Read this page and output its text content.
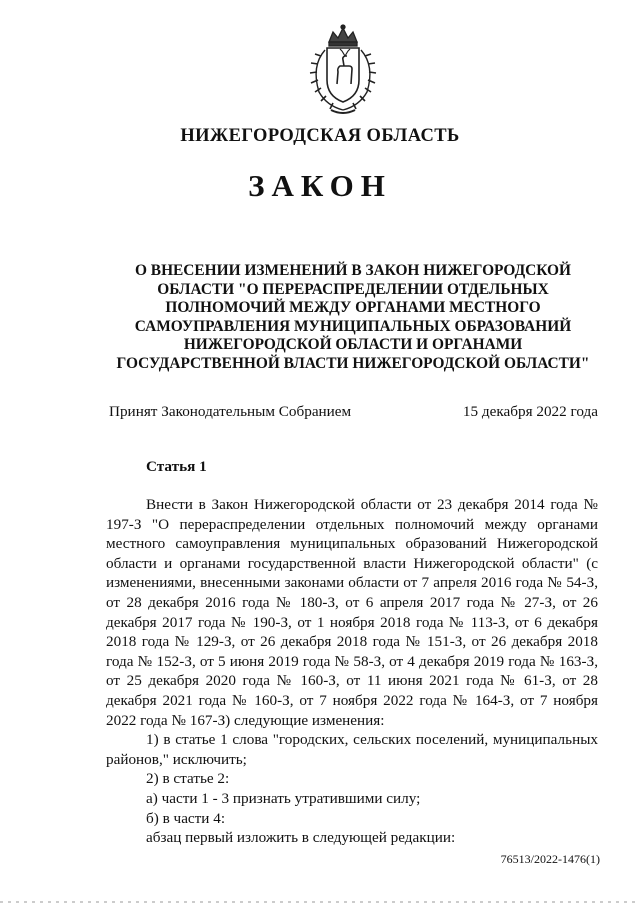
НИЖЕГОРОДСКАЯ ОБЛАСТЬ
ЗАКОН
О ВНЕСЕНИИ ИЗМЕНЕНИЙ В ЗАКОН НИЖЕГОРОДСКОЙ
ОБЛАСТИ "О ПЕРЕРАСПРЕДЕЛЕНИИ ОТДЕЛЬНЫХ
ПОЛНОМОЧИЙ МЕЖДУ ОРГАНАМИ МЕСТНОГО
САМОУПРАВЛЕНИЯ МУНИЦИПАЛЬНЫХ ОБРАЗОВАНИЙ
НИЖЕГОРОДСКОЙ ОБЛАСТИ И ОРГАНАМИ
ГОСУДАРСТВЕННОЙ ВЛАСТИ НИЖЕГОРОДСКОЙ ОБЛАСТИ"
Принят Законодательным Собранием	15 декабря 2022 года
Статья 1

Внести в Закон Нижегородской области от 23 декабря 2014 года № 197-З "О перераспределении отдельных полномочий между органами местного самоуправления муниципальных образований Нижегородской области и органами государственной власти Нижегородской области" (с изменениями, внесенными законами области от 7 апреля 2016 года № 54-З, от 28 декабря 2016 года № 180-З, от 6 апреля 2017 года № 27-З, от 26 декабря 2017 года № 190-З, от 1 ноября 2018 года № 113-З, от 6 декабря 2018 года № 129-З, от 26 декабря 2018 года № 151-З, от 26 декабря 2018 года № 152-З, от 5 июня 2019 года № 58-З, от 4 декабря 2019 года № 163-З, от 25 декабря 2020 года № 160-З, от 11 июня 2021 года № 61-З, от 28 декабря 2021 года № 160-З, от 7 ноября 2022 года № 164-З, от 7 ноября 2022 года № 167-З) следующие изменения:

1) в статье 1 слова "городских, сельских поселений, муниципальных районов," исключить;

2) в статье 2:

а) части 1 - 3 признать утратившими силу;

б) в части 4:

абзац первый изложить в следующей редакции:

76513/2022-1476(1)
